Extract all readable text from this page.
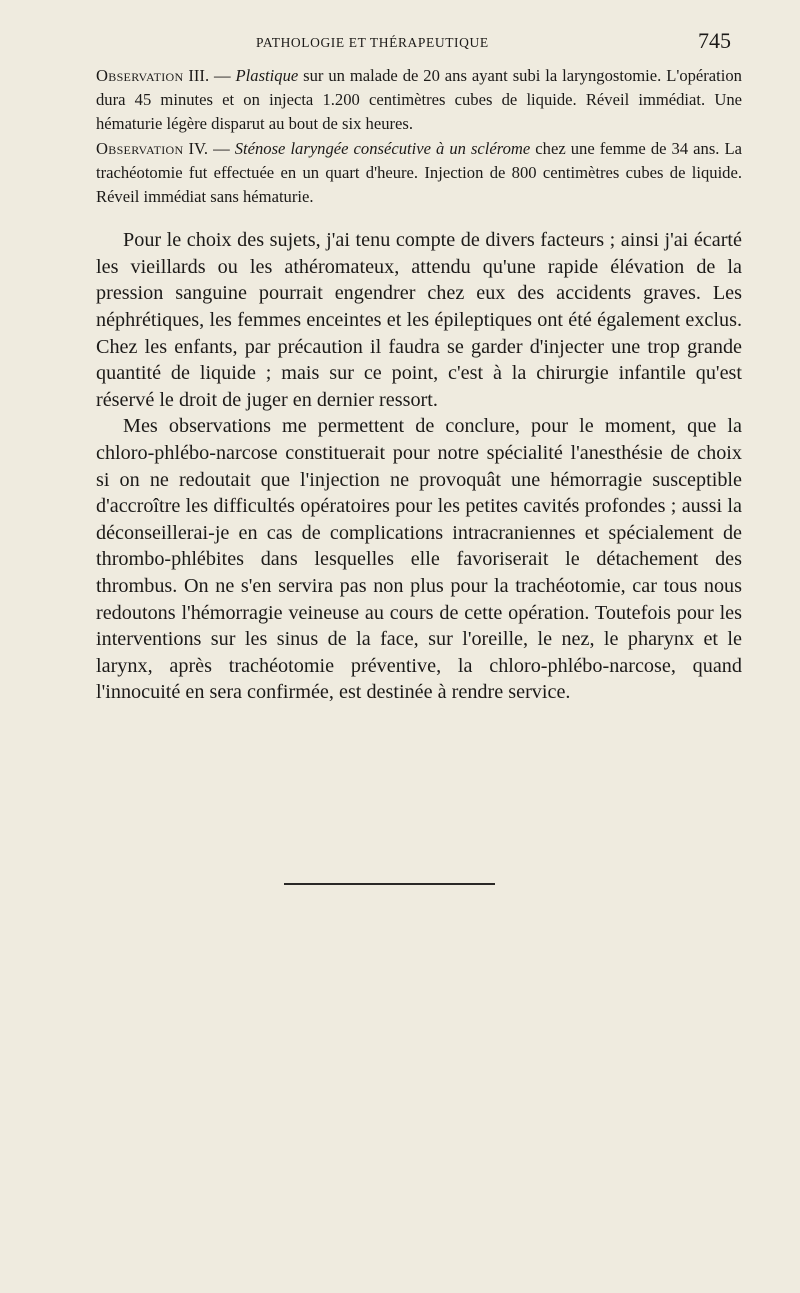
PATHOLOGIE ET THÉRAPEUTIQUE	745

Observation III. — Plastique sur un malade de 20 ans ayant subi la laryngostomie. L'opération dura 45 minutes et on injecta 1.200 centimètres cubes de liquide. Réveil immédiat. Une hématurie légère disparut au bout de six heures.

Observation IV. — Sténose laryngée consécutive à un sclérome chez une femme de 34 ans. La trachéotomie fut effectuée en un quart d'heure. Injection de 800 centimètres cubes de liquide. Réveil immédiat sans hématurie.

Pour le choix des sujets, j'ai tenu compte de divers facteurs ; ainsi j'ai écarté les vieillards ou les athéromateux, attendu qu'une rapide élévation de la pression sanguine pourrait engendrer chez eux des accidents graves. Les néphrétiques, les femmes enceintes et les épileptiques ont été également exclus. Chez les enfants, par précaution il faudra se garder d'injecter une trop grande quantité de liquide ; mais sur ce point, c'est à la chirurgie infantile qu'est réservé le droit de juger en dernier ressort.

Mes observations me permettent de conclure, pour le moment, que la chloro-phlébo-narcose constituerait pour notre spécialité l'anesthésie de choix si on ne redoutait que l'injection ne provoquât une hémorragie susceptible d'accroître les difficultés opératoires pour les petites cavités profondes ; aussi la déconseillerai-je en cas de complications intracraniennes et spécialement de thrombo-phlébites dans lesquelles elle favoriserait le détachement des thrombus. On ne s'en servira pas non plus pour la trachéotomie, car tous nous redoutons l'hémorragie veineuse au cours de cette opération. Toutefois pour les interventions sur les sinus de la face, sur l'oreille, le nez, le pharynx et le larynx, après trachéotomie préventive, la chloro-phlébo-narcose, quand l'innocuité en sera confirmée, est destinée à rendre service.
